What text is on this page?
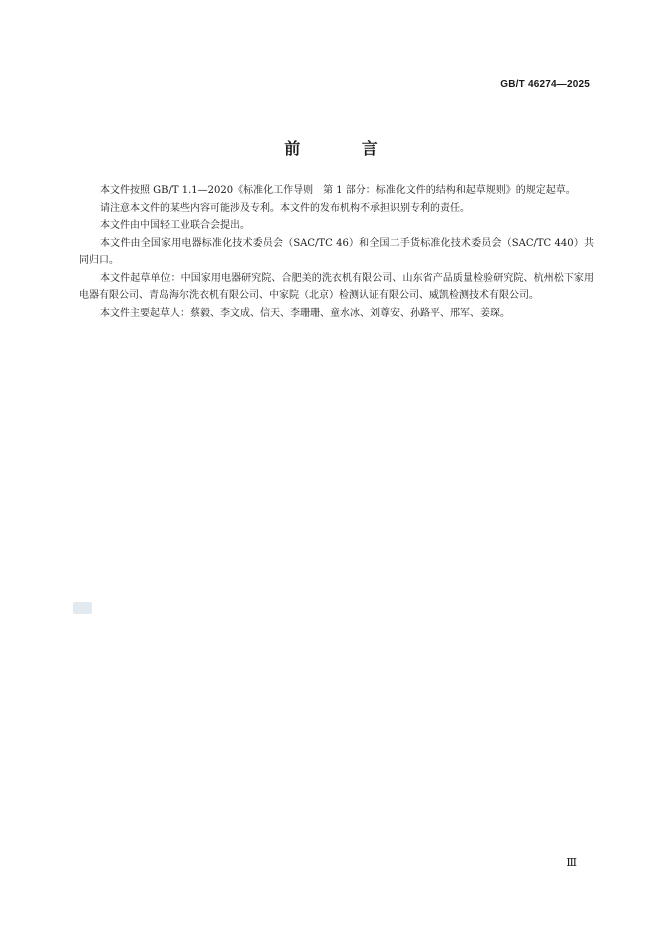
GB/T 46274—2025
前 言

本文件按照 GB/T 1.1—2020《标准化工作导则　第 1 部分：标准化文件的结构和起草规则》的规定起草。

请注意本文件的某些内容可能涉及专利。本文件的发布机构不承担识别专利的责任。

本文件由中国轻工业联合会提出。

本文件由全国家用电器标准化技术委员会（SAC/TC 46）和全国二手货标准化技术委员会（SAC/TC 440）共同归口。

本文件起草单位：中国家用电器研究院、合肥美的洗衣机有限公司、山东省产品质量检验研究院、杭州松下家用电器有限公司、青岛海尔洗衣机有限公司、中家院（北京）检测认证有限公司、威凯检测技术有限公司。

本文件主要起草人：蔡毅、李文成、信天、李珊珊、童水冰、刘尊安、孙路平、邢军、姜琛。

Ⅲ
